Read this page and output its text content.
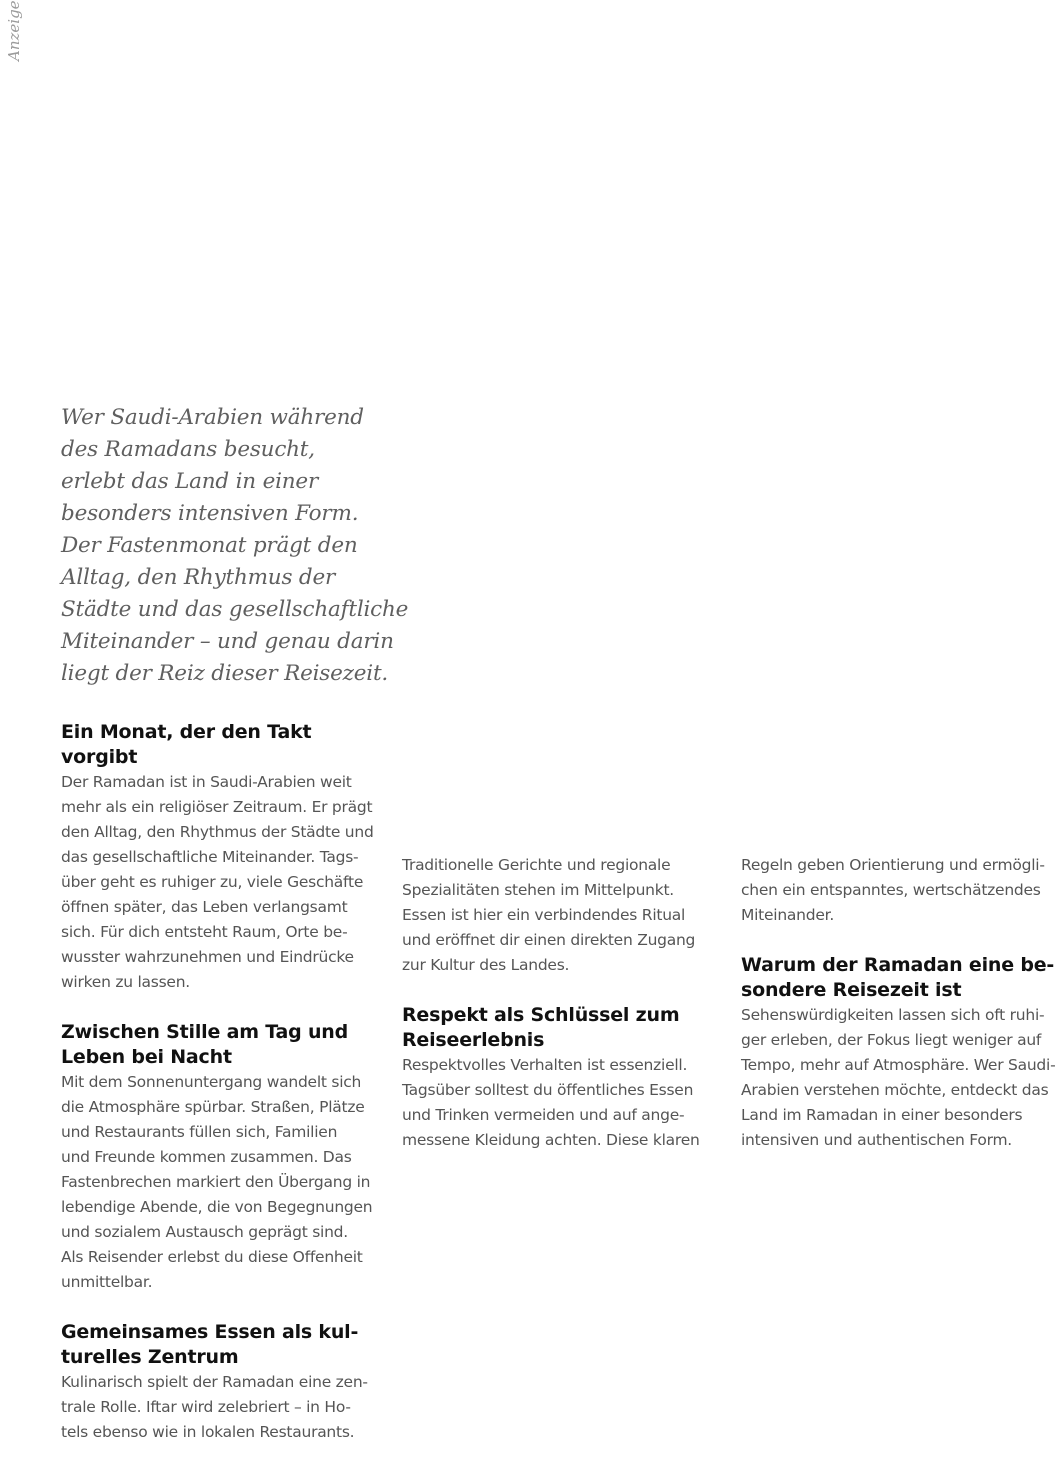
Anzeige

Wer Saudi-Arabien während
des Ramadans besucht,
erlebt das Land in einer
besonders intensiven Form.
Der Fastenmonat prägt den
Alltag, den Rhythmus der
Städte und das gesellschaftliche
Miteinander – und genau darin
liegt der Reiz dieser Reisezeit.

Ein Monat, der den Takt
vorgibt

Der Ramadan ist in Saudi-Arabien weit
mehr als ein religiöser Zeitraum. Er prägt
den Alltag, den Rhythmus der Städte und
das gesellschaftliche Miteinander. Tags-
über geht es ruhiger zu, viele Geschäfte
öffnen später, das Leben verlangsamt
sich. Für dich entsteht Raum, Orte be-
wusster wahrzunehmen und Eindrücke
wirken zu lassen.

Zwischen Stille am Tag und
Leben bei Nacht

Mit dem Sonnenuntergang wandelt sich
die Atmosphäre spürbar. Straßen, Plätze
und Restaurants füllen sich, Familien
und Freunde kommen zusammen. Das
Fastenbrechen markiert den Übergang in
lebendige Abende, die von Begegnungen
und sozialem Austausch geprägt sind.
Als Reisender erlebst du diese Offenheit
unmittelbar.

Gemeinsames Essen als kul-
turelles Zentrum

Kulinarisch spielt der Ramadan eine zen-
trale Rolle. Iftar wird zelebriert – in Ho-
tels ebenso wie in lokalen Restaurants.

Traditionelle Gerichte und regionale
Spezialitäten stehen im Mittelpunkt.
Essen ist hier ein verbindendes Ritual
und eröffnet dir einen direkten Zugang
zur Kultur des Landes.

Respekt als Schlüssel zum
Reiseerlebnis

Respektvolles Verhalten ist essenziell.
Tagsüber solltest du öffentliches Essen
und Trinken vermeiden und auf ange-
messene Kleidung achten. Diese klaren

Regeln geben Orientierung und ermögli-
chen ein entspanntes, wertschätzendes
Miteinander.

Warum der Ramadan eine be-
sondere Reisezeit ist

Sehenswürdigkeiten lassen sich oft ruhi-
ger erleben, der Fokus liegt weniger auf
Tempo, mehr auf Atmosphäre. Wer Saudi-
Arabien verstehen möchte, entdeckt das
Land im Ramadan in einer besonders
intensiven und authentischen Form.
